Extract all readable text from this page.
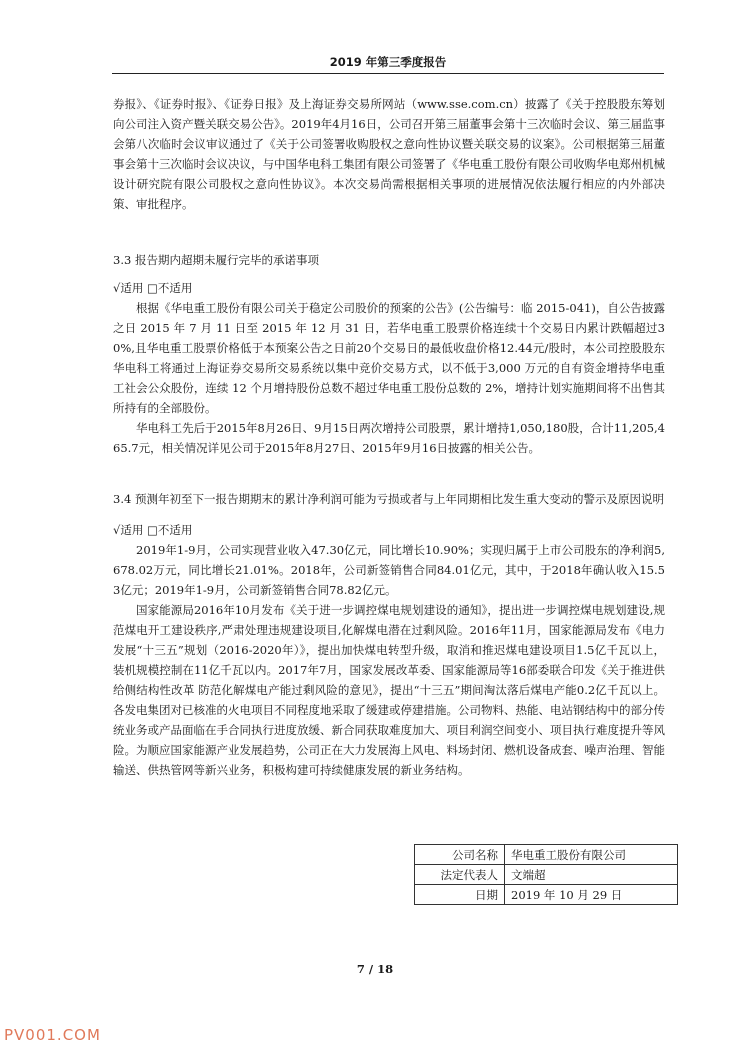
2019 年第三季度报告

券报》、《证券时报》、《证券日报》及上海证券交易所网站（www.sse.com.cn）披露了《关于控股股东筹划向公司注入资产暨关联交易公告》。2019年4月16日，公司召开第三届董事会第十三次临时会议、第三届监事会第八次临时会议审议通过了《关于公司签署收购股权之意向性协议暨关联交易的议案》。公司根据第三届董事会第十三次临时会议决议，与中国华电科工集团有限公司签署了《华电重工股份有限公司收购华电郑州机械设计研究院有限公司股权之意向性协议》。本次交易尚需根据相关事项的进展情况依法履行相应的内外部决策、审批程序。

3.3 报告期内超期未履行完毕的承诺事项

√适用 □不适用

根据《华电重工股份有限公司关于稳定公司股价的预案的公告》(公告编号：临 2015-041)，自公告披露之日 2015 年 7 月 11 日至 2015 年 12 月 31 日，若华电重工股票价格连续十个交易日内累计跌幅超过30%,且华电重工股票价格低于本预案公告之日前20个交易日的最低收盘价格12.44元/股时，本公司控股股东华电科工将通过上海证券交易所交易系统以集中竞价交易方式，以不低于3,000 万元的自有资金增持华电重工社会公众股份，连续 12 个月增持股份总数不超过华电重工股份总数的 2%，增持计划实施期间将不出售其所持有的全部股份。

华电科工先后于2015年8月26日、9月15日两次增持公司股票，累计增持1,050,180股，合计11,205,465.7元，相关情况详见公司于2015年8月27日、2015年9月16日披露的相关公告。

3.4 预测年初至下一报告期期末的累计净利润可能为亏损或者与上年同期相比发生重大变动的警示及原因说明

√适用 □不适用

2019年1-9月，公司实现营业收入47.30亿元，同比增长10.90%；实现归属于上市公司股东的净利润5,678.02万元，同比增长21.01%。2018年，公司新签销售合同84.01亿元，其中，于2018年确认收入15.53亿元；2019年1-9月，公司新签销售合同78.82亿元。

国家能源局2016年10月发布《关于进一步调控煤电规划建设的通知》，提出进一步调控煤电规划建设,规范煤电开工建设秩序,严肃处理违规建设项目,化解煤电潜在过剩风险。2016年11月，国家能源局发布《电力发展“十三五”规划（2016-2020年）》，提出加快煤电转型升级，取消和推迟煤电建设项目1.5亿千瓦以上，装机规模控制在11亿千瓦以内。2017年7月，国家发展改革委、国家能源局等16部委联合印发《关于推进供给侧结构性改革 防范化解煤电产能过剩风险的意见》，提出“十三五”期间淘汰落后煤电产能0.2亿千瓦以上。各发电集团对已核准的火电项目不同程度地采取了缓建或停建措施。公司物料、热能、电站钢结构中的部分传统业务或产品面临在手合同执行进度放缓、新合同获取难度加大、项目利润空间变小、项目执行难度提升等风险。为顺应国家能源产业发展趋势，公司正在大力发展海上风电、料场封闭、燃机设备成套、噪声治理、智能输送、供热管网等新兴业务，积极构建可持续健康发展的新业务结构。

公司名称	华电重工股份有限公司
法定代表人	文端超
日期	2019 年 10 月 29 日
7 / 18
PV001.COM
